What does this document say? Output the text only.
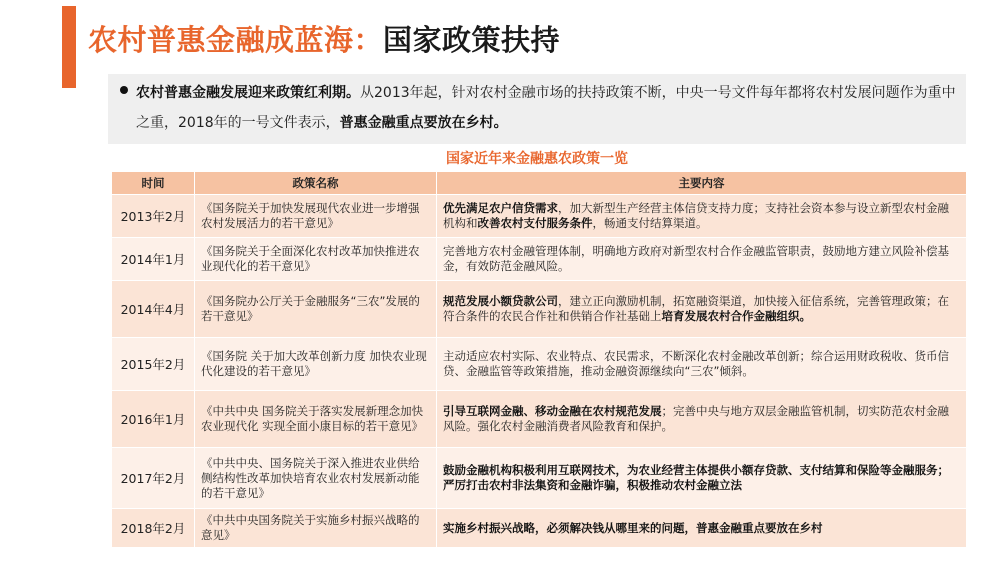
农村普惠金融成蓝海：国家政策扶持
农村普惠金融发展迎来政策红利期。从2013年起，针对农村金融市场的扶持政策不断，中央一号文件每年都将农村发展问题作为重中之重，2018年的一号文件表示，普惠金融重点要放在乡村。
国家近年来金融惠农政策一览
时间	政策名称	主要内容
2013年2月	《国务院关于加快发展现代农业进一步增强农村发展活力的若干意见》	优先满足农户信贷需求，加大新型生产经营主体信贷支持力度；支持社会资本参与设立新型农村金融机构和改善农村支付服务条件，畅通支付结算渠道。
2014年1月	《国务院关于全面深化农村改革加快推进农业现代化的若干意见》	完善地方农村金融管理体制，明确地方政府对新型农村合作金融监管职责，鼓励地方建立风险补偿基金，有效防范金融风险。
2014年4月	《国务院办公厅关于金融服务“三农”发展的若干意见》	规范发展小额贷款公司，建立正向激励机制，拓宽融资渠道，加快接入征信系统，完善管理政策；在符合条件的农民合作社和供销合作社基础上培育发展农村合作金融组织。
2015年2月	《国务院 关于加大改革创新力度 加快农业现代化建设的若干意见》	主动适应农村实际、农业特点、农民需求，不断深化农村金融改革创新；综合运用财政税收、货币信贷、金融监管等政策措施，推动金融资源继续向“三农”倾斜。
2016年1月	《中共中央 国务院关于落实发展新理念加快农业现代化 实现全面小康目标的若干意见》	引导互联网金融、移动金融在农村规范发展；完善中央与地方双层金融监管机制，切实防范农村金融风险。强化农村金融消费者风险教育和保护。
2017年2月	《中共中央、国务院关于深入推进农业供给侧结构性改革加快培育农业农村发展新动能的若干意见》	鼓励金融机构积极利用互联网技术，为农业经营主体提供小额存贷款、支付结算和保险等金融服务；严厉打击农村非法集资和金融诈骗，积极推动农村金融立法
2018年2月	《中共中央国务院关于实施乡村振兴战略的意见》	实施乡村振兴战略，必须解决钱从哪里来的问题，普惠金融重点要放在乡村
